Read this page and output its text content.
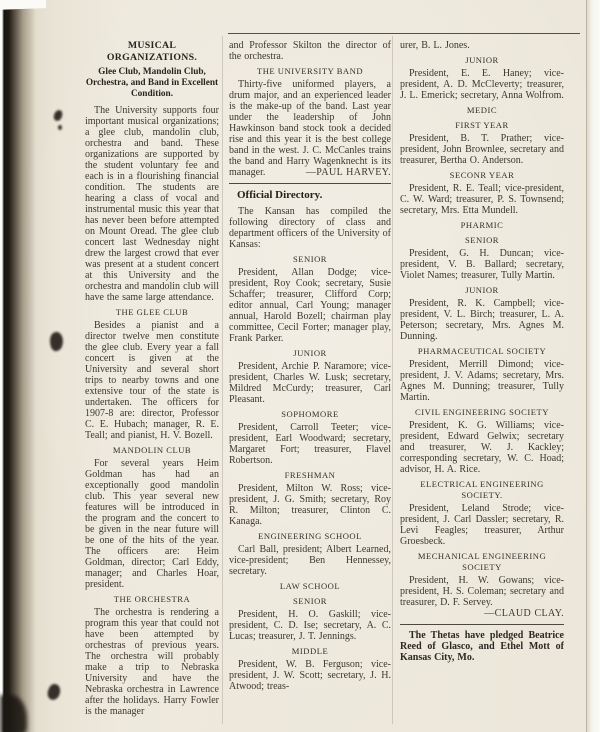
MUSICAL ORGANIZATIONS.
Glee Club, Mandolin Club, Orchestra, and Band in Excellent Condition.

The University supports four important musical organizations; a glee club, mandolin club, orchestra and band. These organizations are supported by the student voluntary fee and each is in a flourishing financial condition. The students are hearing a class of vocal and instrumental music this year that has never been before attempted on Mount Oread. The glee club concert last Wednesday night drew the largest crowd that ever was present at a student concert at this University and the orchestra and mandolin club will have the same large attendance.

THE GLEE CLUB

Besides a pianist and a director twelve men constitute the glee club. Every year a fall concert is given at the University and several short trips to nearby towns and one extensive tour of the state is undertaken. The officers for 1907-8 are: director, Professor C. E. Hubach; manager, R. E. Teall; and pianist, H. V. Bozell.

MANDOLIN CLUB

For several years Heim Goldman has had an exceptionally good mandolin club. This year several new features will be introduced in the program and the concert to be given in the near future will be one of the hits of the year. The officers are: Heim Goldman, director; Carl Eddy, manager; and Charles Hoar, president.

THE ORCHESTRA

The orchestra is rendering a program this year that could not have been attempted by orchestras of previous years. The orchestra will probably make a trip to Nebraska University and have the Nebraska orchestra in Lawrence after the holidays. Harry Fowler is the manager

and Professor Skilton the director of the orchestra.

THE UNIVERSITY BAND

Thirty-five uniformed players, a drum major, and an experienced leader is the make-up of the band. Last year under the leadership of John Hawkinson band stock took a decided rise and this year it is the best college band in the west. J. C. McCanles trains the band and Harry Wagenknecht is its manager.	—PAUL HARVEY.

Official Directory.

The Kansan has compiled the following directory of class and department officers of the University of Kansas:

SENIOR

President, Allan Dodge; vice-president, Roy Cook; secretary, Susie Schaffer; treasurer, Clifford Corp; editor annual, Carl Young; manager annual, Harold Bozell; chairman play committee, Cecil Forter; manager play, Frank Parker.

JUNIOR

President, Archie P. Naramore; vice-president, Charles W. Lusk; secretary, Mildred McCurdy; treasurer, Carl Pleasant.

SOPHOMORE

President, Carroll Teeter; vice-president, Earl Woodward; secretary, Margaret Fort; treasurer, Flavel Robertson.

FRESHMAN

President, Milton W. Ross; vice-president, J. G. Smith; secretary, Roy R. Milton; treasurer, Clinton C. Kanaga.

ENGINEERING SCHOOL

Carl Ball, president; Albert Learned, vice-president; Ben Hennessey, secretary.

LAW SCHOOL
SENIOR

President, H. O. Gaskill; vice-president, C. D. Ise; secretary, A. C. Lucas; treasurer, J. T. Jennings.

MIDDLE

President, W. B. Ferguson; vice-president, J. W. Scott; secretary, J. H. Atwood; treas-

urer, B. L. Jones.

JUNIOR

President, E. E. Haney; vice-president, A. D. McCleverty; treasurer, J. L. Emerick; secretary, Anna Wolfrom.

MEDIC
FIRST YEAR

President, B. T. Prather; vice-president, John Brownlee, secretary and treasurer, Bertha O. Anderson.

SECONR YEAR

President, R. E. Teall; vice-president, C. W. Ward; treasurer, P. S. Townsend; secretary, Mrs. Etta Mundell.

PHARMIC
SENIOR

President, G. H. Duncan; vice-president, V. B. Ballard; secretary, Violet Names; treasurer, Tully Martin.

JUNIOR

President, R. K. Campbell; vice-president, V. L. Birch; treasurer, L. A. Peterson; secretary, Mrs. Agnes M. Dunning.

PHARMACEUTICAL SOCIETY

President, Merrill Dimond; vice-president, J. V. Adams; secretary, Mrs. Agnes M. Dunning; treasurer, Tully Martin.

CIVIL ENGINEERING SOCIETY

President, K. G. Williams; vice-president, Edward Gelwix; secretary and treasurer, W. J. Kackley; corresponding secretary, W. C. Hoad; advisor, H. A. Rice.

ELECTRICAL ENGINEERING SOCIETY.

President, Leland Strode; vice-president, J. Carl Dassler; secretary, R. Levi Feagles; treasurer, Arthur Groesbeck.

MECHANICAL ENGINEERING SOCIETY

President, H. W. Gowans; vice-president, H. S. Coleman; secretary and treasurer, D. F. Servey.
—CLAUD CLAY.

The Thetas have pledged Beatrice Reed of Glasco, and Ethel Mott of Kansas City, Mo.
